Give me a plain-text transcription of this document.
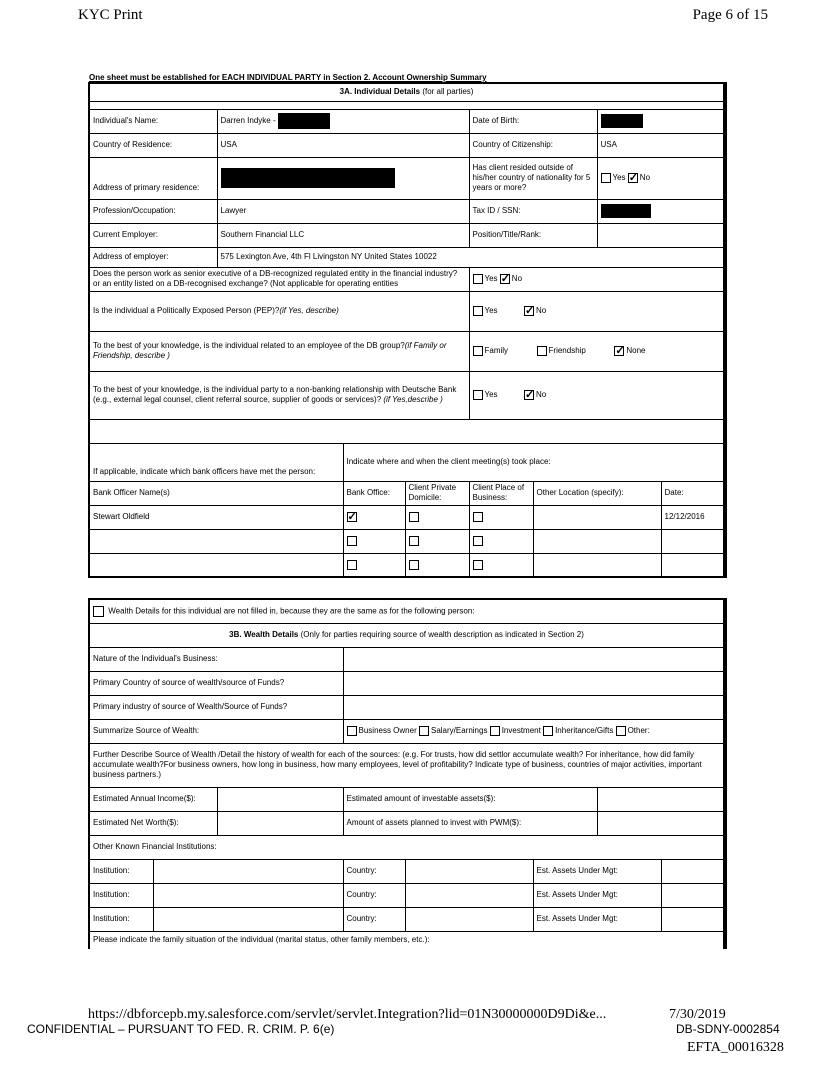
KYC Print	Page 6 of 15
One sheet must be established for EACH INDIVIDUAL PARTY in Section 2. Account Ownership Summary
3A. Individual Details (for all parties)							

Individual's Name:	Darren Indyke -			Date of Birth:			
Country of Residence:	USA			Country of Citizenship:		USA	
Address of primary residence:				Has client resided outside of his/her country of nationality for 5 years or more?		Yes ✓ No
Profession/Occupation:	Lawyer			Tax ID / SSN:			
Current Employer:	Southern Financial LLC			Position/Title/Rank:			
Address of employer:	575 Lexington Ave, 4th Fl Livingston NY United States 10022						
Does the person work as senior executive of a DB-recognized regulated entity in the financial industry? or an entity listed on a DB-recognised exchange? (Not applicable for operating entities				Yes ✓ No
Is the individual a Politically Exposed Person (PEP)?(if Yes, describe)				Yes ✓ No
To the best of your knowledge, is the individual related to an employee of the DB group?(if Family or Friendship, describe )				Family Friendship ✓ None
To the best of your knowledge, is the individual party to a non-banking relationship with Deutsche Bank (e.g., external legal counsel, client referral source, supplier of goods or services)? (if Yes,describe )				Yes ✓ No

If applicable, indicate which bank officers have met the person:		Indicate where and when the client meeting(s) took place:					
Bank Officer Name(s)		Bank Office:	Client Private Domicile:	Client Place of Business:	Other Location (specify):		Date:
Stewart Oldfield	✓						12/12/2016

Wealth Details for this individual are not filled in, because they are the same as for the following person:							
3B. Wealth Details (Only for parties requiring source of wealth description as indicated in Section 2)							
Nature of the Individual's Business:							
Primary Country of source of wealth/source of Funds?							
Primary industry of source of Wealth/Source of Funds?							
Summarize Source of Wealth:			Business Owner Salary/Earnings Investment Inheritance/Gifts Other:				
Further Describe Source of Wealth /Detail the history of wealth for each of the sources: (e.g. For trusts, how did settlor accumulate wealth? For inheritance, how did family accumulate wealth?For business owners, how long in business, how many employees, level of profitability? Indicate type of business, countries of major activities, important business partners.)							
Estimated Annual Income($):			Estimated amount of investable assets($):				
Estimated Net Worth($):			Amount of assets planned to invest with PWM($):				
Other Known Financial Institutions:							
Institution:			Country:		Est. Assets Under Mgt:		
Institution:			Country:		Est. Assets Under Mgt:		
Institution:			Country:		Est. Assets Under Mgt:		
Please indicate the family situation of the individual (marital status, other family members, etc.):							
https://dbforcepb.my.salesforce.com/servlet/servlet.Integration?lid=01N30000000D9Di&e...	7/30/2019
CONFIDENTIAL – PURSUANT TO FED. R. CRIM. P. 6(e)	DB-SDNY-0002854
EFTA_00016328
